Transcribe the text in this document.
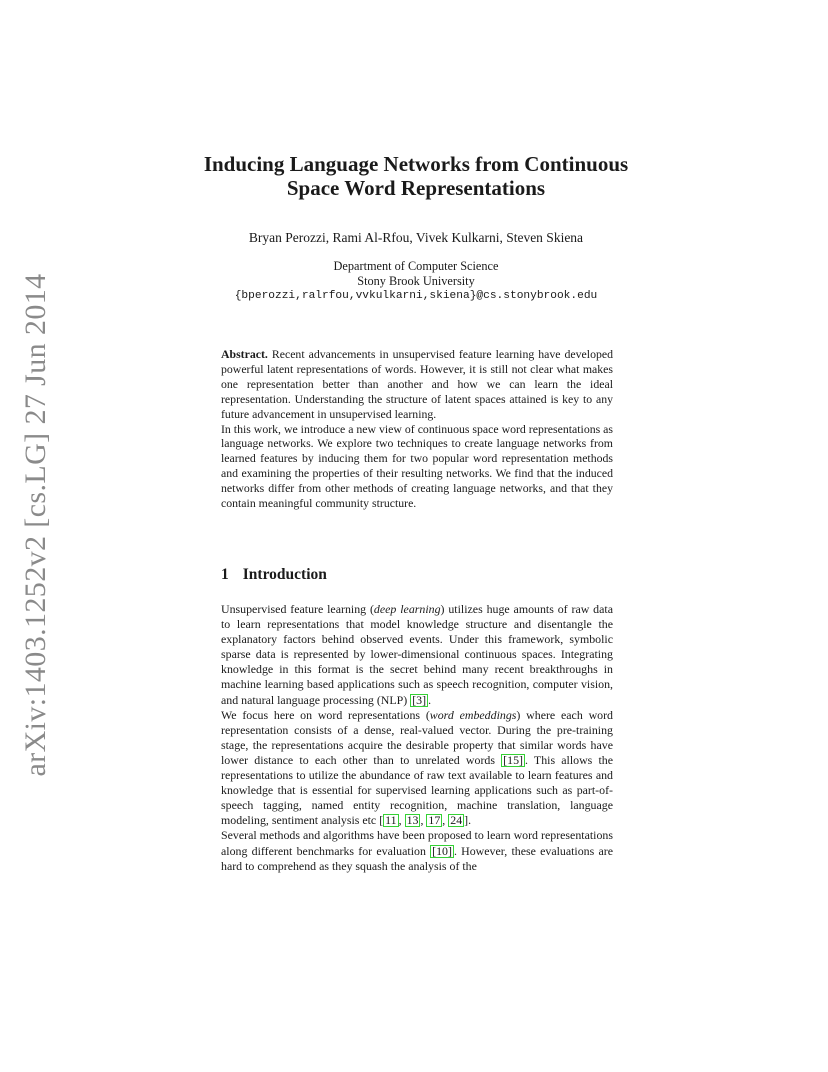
arXiv:1403.1252v2 [cs.LG] 27 Jun 2014
Inducing Language Networks from Continuous
Space Word Representations
Bryan Perozzi, Rami Al-Rfou, Vivek Kulkarni, Steven Skiena
Department of Computer Science
Stony Brook University
{bperozzi,ralrfou,vvkulkarni,skiena}@cs.stonybrook.edu

Abstract. Recent advancements in unsupervised feature learning have developed powerful latent representations of words. However, it is still not clear what makes one representation better than another and how we can learn the ideal representation. Understanding the structure of latent spaces attained is key to any future advancement in unsupervised learning.

In this work, we introduce a new view of continuous space word representations as language networks. We explore two techniques to create language networks from learned features by inducing them for two popular word representation methods and examining the properties of their resulting networks. We find that the induced networks differ from other methods of creating language networks, and that they contain meaningful community structure.

1 Introduction

Unsupervised feature learning (deep learning) utilizes huge amounts of raw data to learn representations that model knowledge structure and disentangle the explanatory factors behind observed events. Under this framework, symbolic sparse data is represented by lower-dimensional continuous spaces. Integrating knowledge in this format is the secret behind many recent breakthroughs in machine learning based applications such as speech recognition, computer vision, and natural language processing (NLP) [3] .

We focus here on word representations (word embeddings) where each word representation consists of a dense, real-valued vector. During the pre-training stage, the representations acquire the desirable property that similar words have lower distance to each other than to unrelated words [15] . This allows the representations to utilize the abundance of raw text available to learn features and knowledge that is essential for supervised learning applications such as part-of-speech tagging, named entity recognition, machine translation, language modeling, sentiment analysis etc [ 11 , 13 , 17 , 24 ].

Several methods and algorithms have been proposed to learn word representations along different benchmarks for evaluation [10] . However, these evaluations are hard to comprehend as they squash the analysis of the
